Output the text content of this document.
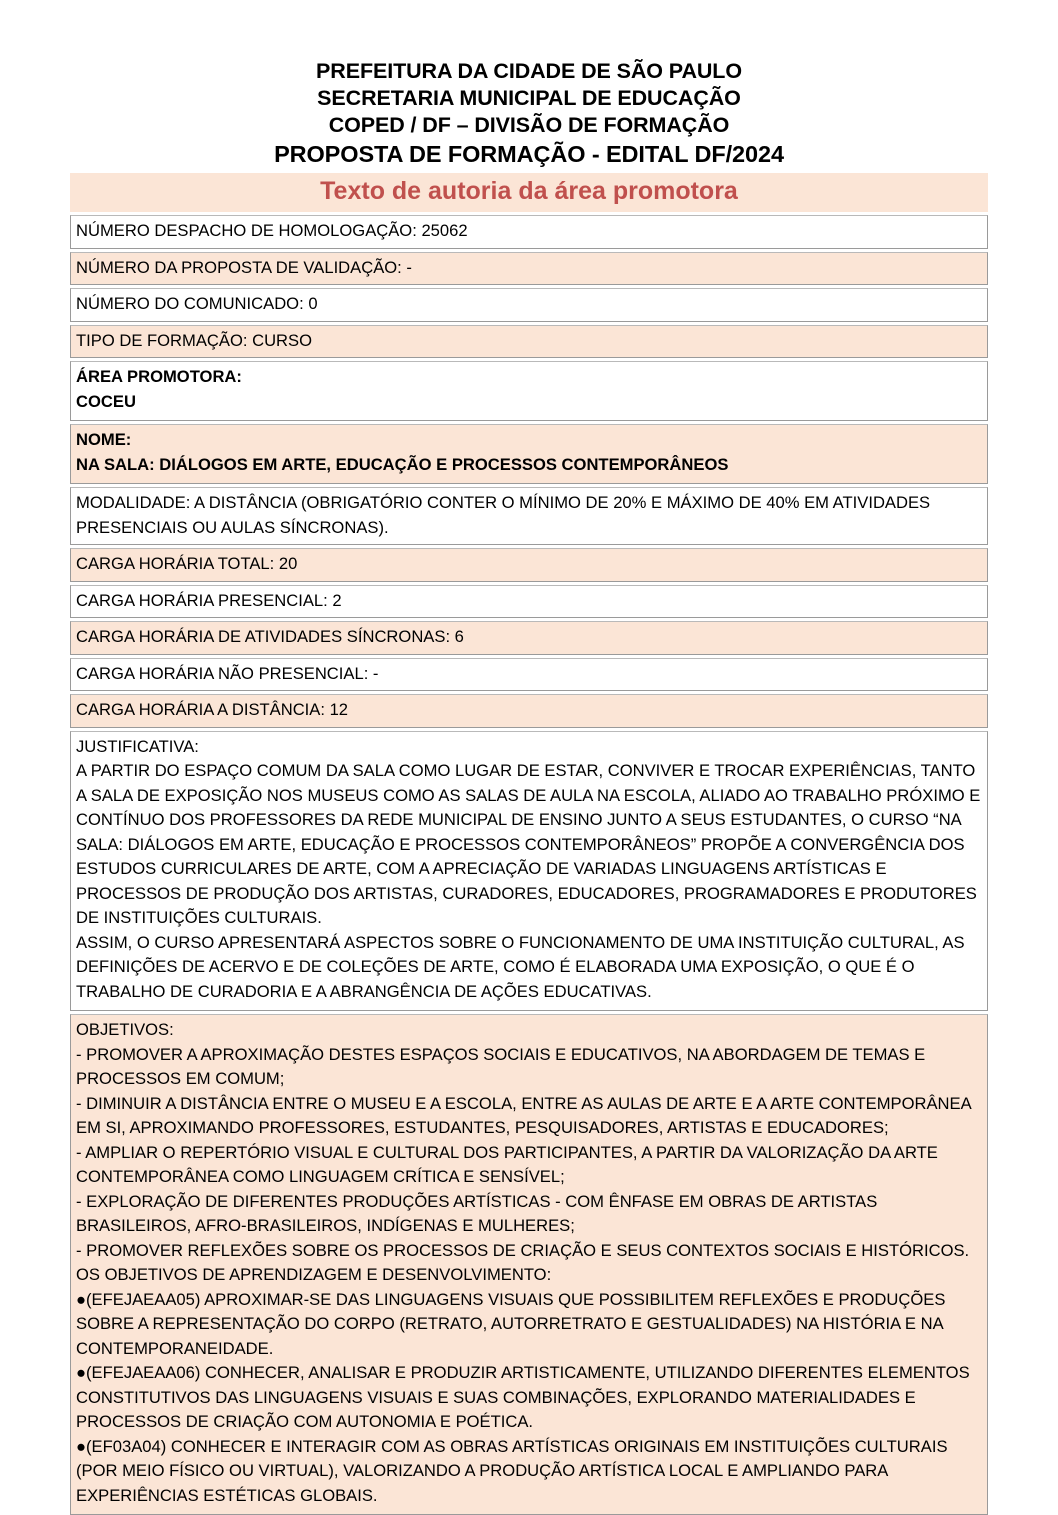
PREFEITURA DA CIDADE DE SÃO PAULO
SECRETARIA MUNICIPAL DE EDUCAÇÃO
COPED / DF – DIVISÃO DE FORMAÇÃO
PROPOSTA DE FORMAÇÃO - EDITAL DF/2024
Texto de autoria da área promotora

NÚMERO DESPACHO DE HOMOLOGAÇÃO: 25062

NÚMERO DA PROPOSTA DE VALIDAÇÃO: -

NÚMERO DO COMUNICADO: 0

TIPO DE FORMAÇÃO: CURSO

ÁREA PROMOTORA:

COCEU

NOME:

NA SALA: DIÁLOGOS EM ARTE, EDUCAÇÃO E PROCESSOS CONTEMPORÂNEOS

MODALIDADE: A DISTÂNCIA (OBRIGATÓRIO CONTER O MÍNIMO DE 20% E MÁXIMO DE 40% EM ATIVIDADES PRESENCIAIS OU AULAS SÍNCRONAS).

CARGA HORÁRIA TOTAL: 20

CARGA HORÁRIA PRESENCIAL: 2

CARGA HORÁRIA DE ATIVIDADES SÍNCRONAS: 6

CARGA HORÁRIA NÃO PRESENCIAL: -

CARGA HORÁRIA A DISTÂNCIA: 12

JUSTIFICATIVA:

A PARTIR DO ESPAÇO COMUM DA SALA COMO LUGAR DE ESTAR, CONVIVER E TROCAR EXPERIÊNCIAS, TANTO A SALA DE EXPOSIÇÃO NOS MUSEUS COMO AS SALAS DE AULA NA ESCOLA, ALIADO AO TRABALHO PRÓXIMO E CONTÍNUO DOS PROFESSORES DA REDE MUNICIPAL DE ENSINO JUNTO A SEUS ESTUDANTES, O CURSO “NA SALA: DIÁLOGOS EM ARTE, EDUCAÇÃO E PROCESSOS CONTEMPORÂNEOS” PROPÕE A CONVERGÊNCIA DOS ESTUDOS CURRICULARES DE ARTE, COM A APRECIAÇÃO DE VARIADAS LINGUAGENS ARTÍSTICAS E PROCESSOS DE PRODUÇÃO DOS ARTISTAS, CURADORES, EDUCADORES, PROGRAMADORES E PRODUTORES DE INSTITUIÇÕES CULTURAIS.

ASSIM, O CURSO APRESENTARÁ ASPECTOS SOBRE O FUNCIONAMENTO DE UMA INSTITUIÇÃO CULTURAL, AS DEFINIÇÕES DE ACERVO E DE COLEÇÕES DE ARTE, COMO É ELABORADA UMA EXPOSIÇÃO, O QUE É O TRABALHO DE CURADORIA E A ABRANGÊNCIA DE AÇÕES EDUCATIVAS.

OBJETIVOS:

- PROMOVER A APROXIMAÇÃO DESTES ESPAÇOS SOCIAIS E EDUCATIVOS, NA ABORDAGEM DE TEMAS E PROCESSOS EM COMUM;

- DIMINUIR A DISTÂNCIA ENTRE O MUSEU E A ESCOLA, ENTRE AS AULAS DE ARTE E A ARTE CONTEMPORÂNEA EM SI, APROXIMANDO PROFESSORES, ESTUDANTES, PESQUISADORES, ARTISTAS E EDUCADORES;

- AMPLIAR O REPERTÓRIO VISUAL E CULTURAL DOS PARTICIPANTES, A PARTIR DA VALORIZAÇÃO DA ARTE CONTEMPORÂNEA COMO LINGUAGEM CRÍTICA E SENSÍVEL;

- EXPLORAÇÃO DE DIFERENTES PRODUÇÕES ARTÍSTICAS - COM ÊNFASE EM OBRAS DE ARTISTAS BRASILEIROS, AFRO-BRASILEIROS, INDÍGENAS E MULHERES;

- PROMOVER REFLEXÕES SOBRE OS PROCESSOS DE CRIAÇÃO E SEUS CONTEXTOS SOCIAIS E HISTÓRICOS.

OS OBJETIVOS DE APRENDIZAGEM E DESENVOLVIMENTO:

●(EFEJAEAA05) APROXIMAR-SE DAS LINGUAGENS VISUAIS QUE POSSIBILITEM REFLEXÕES E PRODUÇÕES SOBRE A REPRESENTAÇÃO DO CORPO (RETRATO, AUTORRETRATO E GESTUALIDADES) NA HISTÓRIA E NA CONTEMPORANEIDADE.

●(EFEJAEAA06) CONHECER, ANALISAR E PRODUZIR ARTISTICAMENTE, UTILIZANDO DIFERENTES ELEMENTOS CONSTITUTIVOS DAS LINGUAGENS VISUAIS E SUAS COMBINAÇÕES, EXPLORANDO MATERIALIDADES E PROCESSOS DE CRIAÇÃO COM AUTONOMIA E POÉTICA.

●(EF03A04) CONHECER E INTERAGIR COM AS OBRAS ARTÍSTICAS ORIGINAIS EM INSTITUIÇÕES CULTURAIS (POR MEIO FÍSICO OU VIRTUAL), VALORIZANDO A PRODUÇÃO ARTÍSTICA LOCAL E AMPLIANDO PARA EXPERIÊNCIAS ESTÉTICAS GLOBAIS.
